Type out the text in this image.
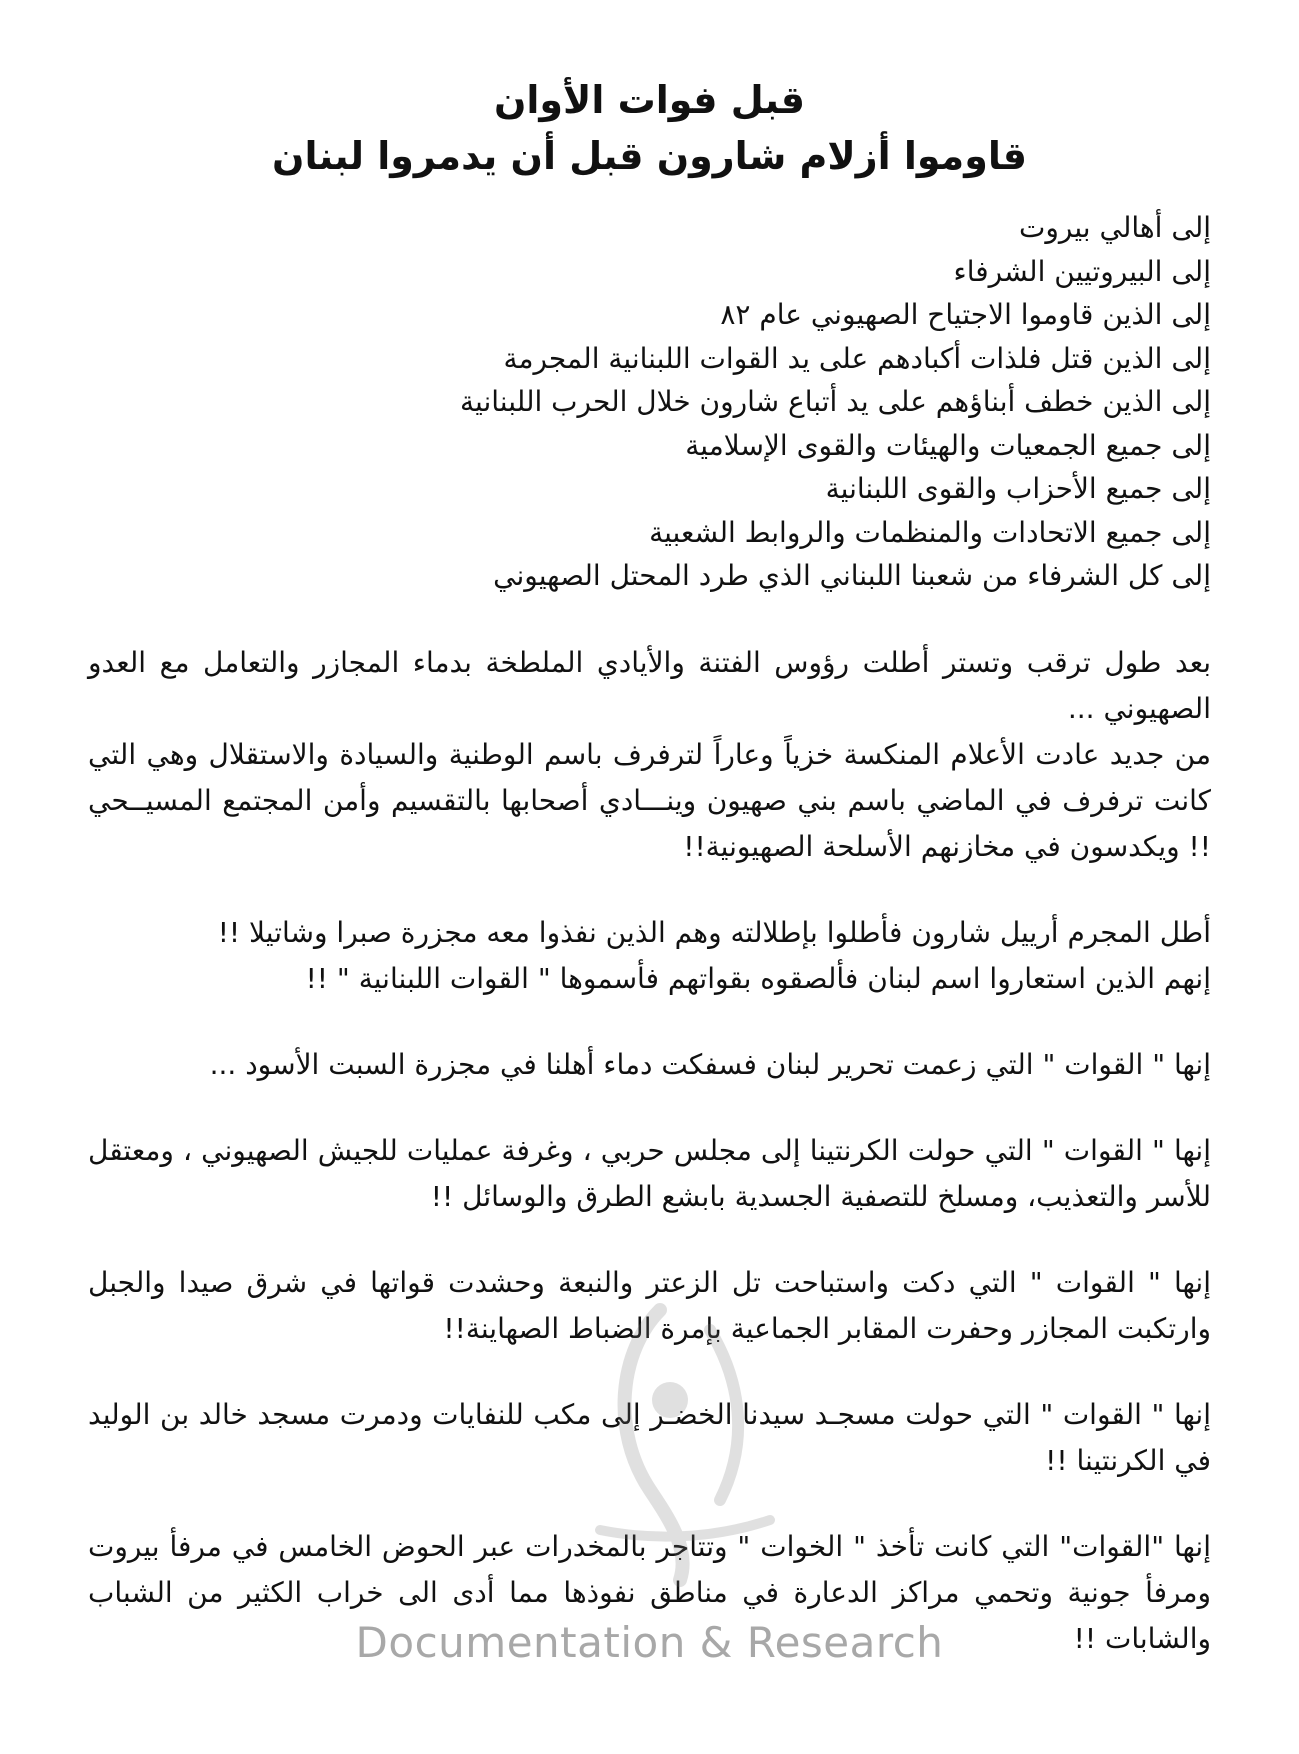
قبل فوات الأوان
قاوموا أزلام شارون قبل أن يدمروا لبنان
إلى أهالي بيروت
إلى البيروتيين الشرفاء
إلى الذين قاوموا الاجتياح الصهيوني عام ٨٢
إلى الذين قتل فلذات أكبادهم على يد القوات اللبنانية المجرمة
إلى الذين خطف أبناؤهم على يد أتباع شارون خلال الحرب اللبنانية
إلى جميع الجمعيات والهيئات والقوى الإسلامية
إلى جميع الأحزاب والقوى اللبنانية
إلى جميع الاتحادات والمنظمات والروابط الشعبية
إلى كل الشرفاء من شعبنا اللبناني الذي طرد المحتل الصهيوني

بعد طول ترقب وتستر أطلت رؤوس الفتنة والأيادي الملطخة بدماء المجازر والتعامل مع العدو الصهيوني ...

من جديد عادت الأعلام المنكسة خزياً وعاراً لترفرف باسم الوطنية والسيادة والاستقلال وهي التي كانت ترفرف في الماضي باسم بني صهيون وينـــادي أصحابها بالتقسيم وأمن المجتمع المسيــحي !! ويكدسون في مخازنهم الأسلحة الصهيونية!!

أطل المجرم أرييل شارون فأطلوا بإطلالته وهم الذين نفذوا معه مجزرة صبرا وشاتيلا !!

إنهم الذين استعاروا اسم لبنان فألصقوه بقواتهم فأسموها " القوات اللبنانية " !!

إنها " القوات " التي زعمت تحرير لبنان فسفكت دماء أهلنا في مجزرة السبت الأسود ...

إنها " القوات " التي حولت الكرنتينا إلى مجلس حربي ، وغرفة عمليات للجيش الصهيوني ، ومعتقل للأسر والتعذيب، ومسلخ للتصفية الجسدية بابشع الطرق والوسائل !!

إنها " القوات " التي دكت واستباحت تل الزعتر والنبعة وحشدت قواتها في شرق صيدا والجبل وارتكبت المجازر وحفرت المقابر الجماعية بإمرة الضباط الصهاينة!!

إنها " القوات " التي حولت مسجـد سيدنا الخضـر إلى مكب للنفايات ودمرت مسجد خالد بن الوليد في الكرنتينا !!

إنها "القوات" التي كانت تأخذ " الخوات " وتتاجر بالمخدرات عبر الحوض الخامس في مرفأ بيروت ومرفأ جونية وتحمي مراكز الدعارة في مناطق نفوذها مما أدى الى خراب الكثير من الشباب والشابات !!

Documentation & Research
